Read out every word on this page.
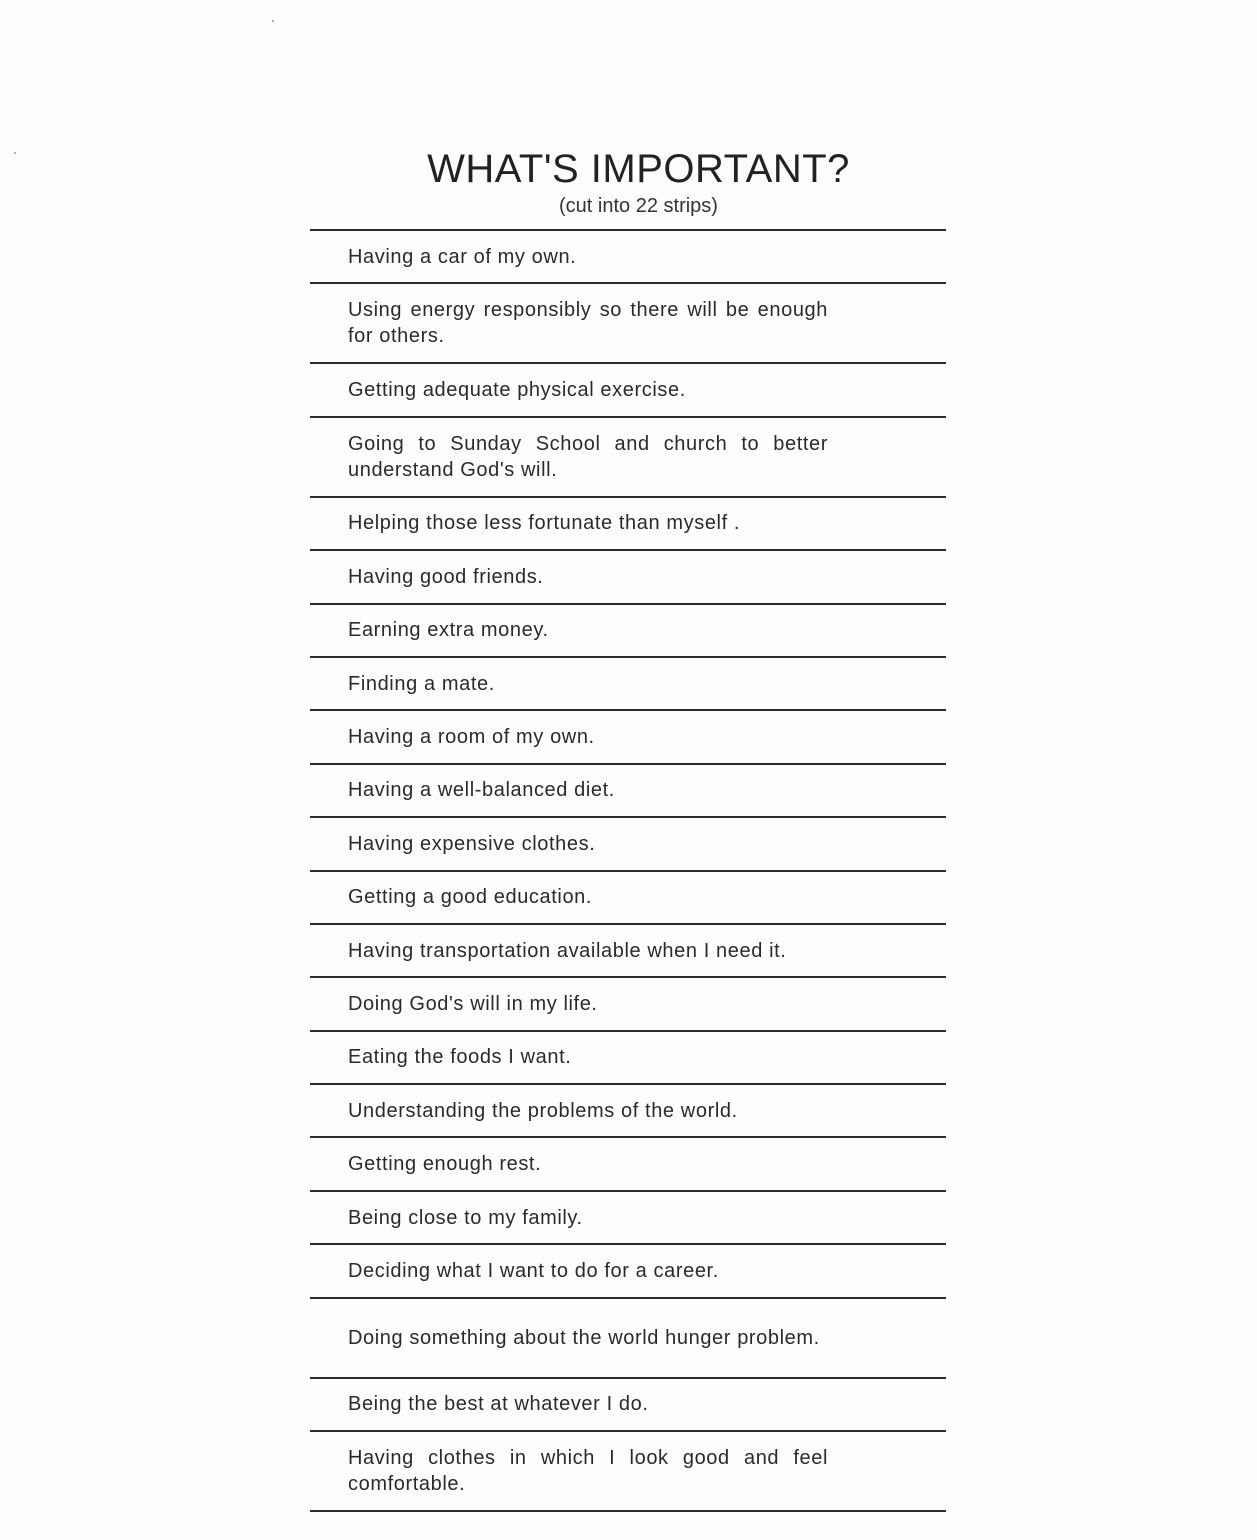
WHAT'S IMPORTANT?
(cut into 22 strips)
Having a car of my own.
Using energy responsibly so there will be enough for others.
Getting adequate physical exercise.
Going to Sunday School and church to better understand God's will.
Helping those less fortunate than myself .
Having good friends.
Earning extra money.
Finding a mate.
Having a room of my own.
Having a well-balanced diet.
Having expensive clothes.
Getting a good education.
Having transportation available when I need it.
Doing God's will in my life.
Eating the foods I want.
Understanding the problems of the world.
Getting enough rest.
Being close to my family.
Deciding what I want to do for a career.
Doing something about the world hunger problem.
Being the best at whatever I do.
Having clothes in which I look good and feel comfortable.
